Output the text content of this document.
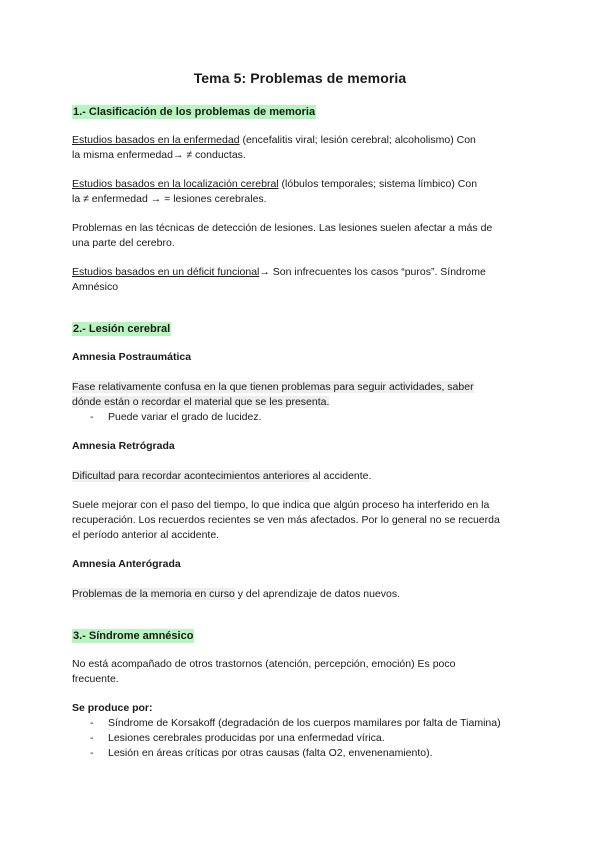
Tema 5: Problemas de memoria
1.- Clasificación de los problemas de memoria

Estudios basados en la enfermedad (encefalitis viral; lesión cerebral; alcoholismo) Con
la misma enfermedad→ ≠ conductas.

Estudios basados en la localización cerebral (lóbulos temporales; sistema límbico) Con
la ≠ enfermedad → = lesiones cerebrales.

Problemas en las técnicas de detección de lesiones. Las lesiones suelen afectar a más de
una parte del cerebro.

Estudios basados en un déficit funcional→ Son infrecuentes los casos “puros”. Síndrome
Amnésico

2.- Lesión cerebral

Amnesia Postraumática

Fase relativamente confusa en la que tienen problemas para seguir actividades, saber
dónde están o recordar el material que se les presenta.

- Puede variar el grado de lucidez.

Amnesia Retrógrada

Dificultad para recordar acontecimientos anteriores al accidente.

Suele mejorar con el paso del tiempo, lo que indica que algún proceso ha interferido en la
recuperación. Los recuerdos recientes se ven más afectados. Por lo general no se recuerda
el período anterior al accidente.

Amnesia Anterógrada

Problemas de la memoria en curso y del aprendizaje de datos nuevos.

3.- Síndrome amnésico

No está acompañado de otros trastornos (atención, percepción, emoción) Es poco
frecuente.

Se produce por:

- Síndrome de Korsakoff (degradación de los cuerpos mamilares por falta de Tiamina)
- Lesiones cerebrales producidas por una enfermedad vírica.
- Lesión en áreas críticas por otras causas (falta O2, envenenamiento).
